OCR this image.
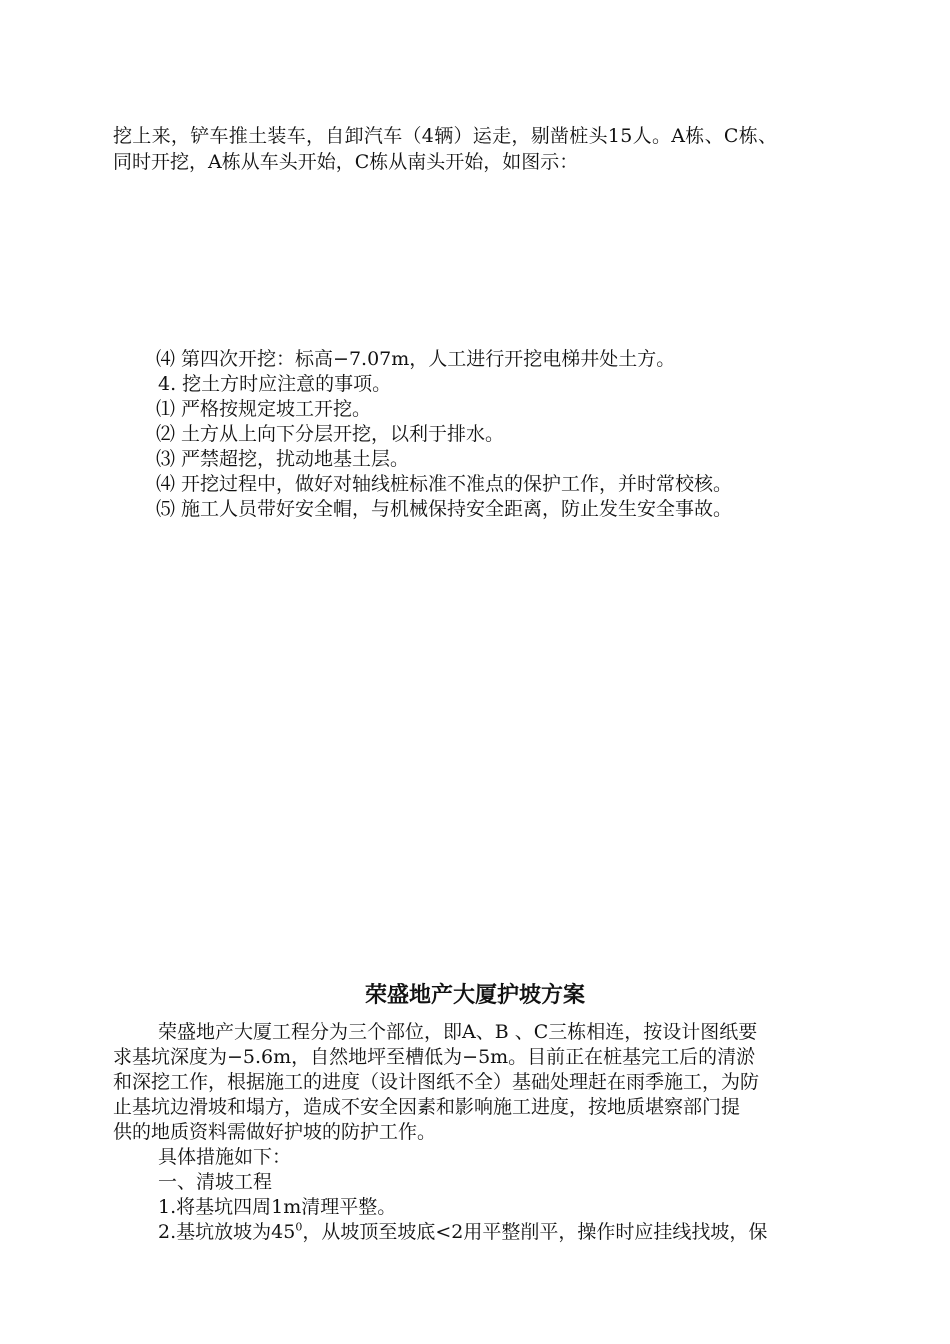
挖上来，铲车推土装车，自卸汽车（4辆）运走，剔凿桩头15人。A栋、C栋、
同时开挖，A栋从车头开始，C栋从南头开始，如图示：
⑷ 第四次开挖：标高−7.07m，人工进行开挖电梯井处土方。
4. 挖土方时应注意的事项。
⑴ 严格按规定坡工开挖。
⑵ 土方从上向下分层开挖，以利于排水。
⑶ 严禁超挖，扰动地基土层。
⑷ 开挖过程中，做好对轴线桩标准不准点的保护工作，并时常校核。
⑸ 施工人员带好安全帽，与机械保持安全距离，防止发生安全事故。
荣盛地产大厦护坡方案
荣盛地产大厦工程分为三个部位，即A、B 、C三栋相连，按设计图纸要
求基坑深度为−5.6m，自然地坪至槽低为−5m。目前正在桩基完工后的清淤
和深挖工作，根据施工的进度（设计图纸不全）基础处理赶在雨季施工，为防
止基坑边滑坡和塌方，造成不安全因素和影响施工进度，按地质堪察部门提
供的地质资料需做好护坡的防护工作。
具体措施如下：
一、清坡工程
1.将基坑四周1m清理平整。
2.基坑放坡为$45^0$，从坡顶至坡底<2用平整削平，操作时应挂线找坡，保
